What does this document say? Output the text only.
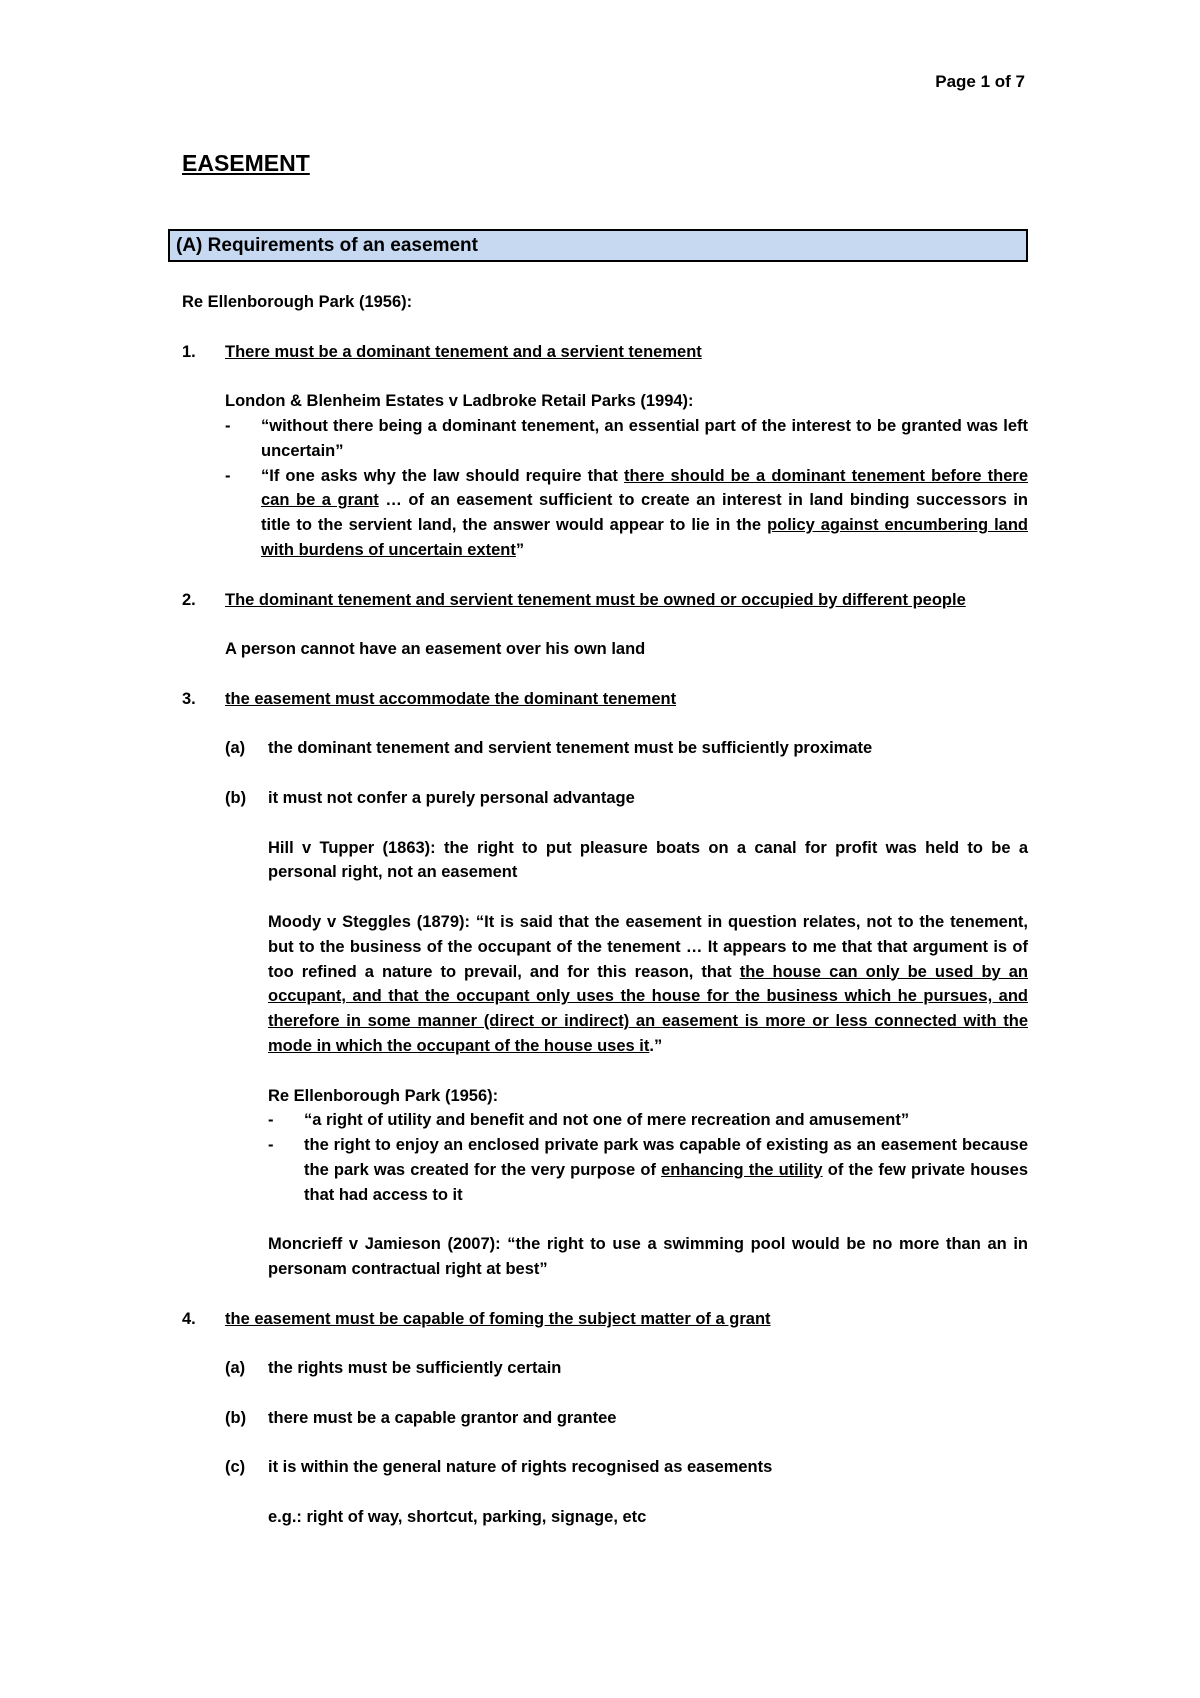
Page 1 of 7
EASEMENT
(A) Requirements of an easement

Re Ellenborough Park (1956):

1.	There must be a dominant tenement and a servient tenement

London & Blenheim Estates v Ladbroke Retail Parks (1994):

-	“without there being a dominant tenement, an essential part of the interest to be granted was left uncertain”
-	“If one asks why the law should require that there should be a dominant tenement before there can be a grant … of an easement sufficient to create an interest in land binding successors in title to the servient land, the answer would appear to lie in the policy against encumbering land with burdens of uncertain extent”
2.	The dominant tenement and servient tenement must be owned or occupied by different people

A person cannot have an easement over his own land

3.	the easement must accommodate the dominant tenement
(a)	the dominant tenement and servient tenement must be sufficiently proximate
(b)	it must not confer a purely personal advantage

Hill v Tupper (1863): the right to put pleasure boats on a canal for profit was held to be a personal right, not an easement

Moody v Steggles (1879): “It is said that the easement in question relates, not to the tenement, but to the business of the occupant of the tenement … It appears to me that that argument is of too refined a nature to prevail, and for this reason, that the house can only be used by an occupant, and that the occupant only uses the house for the business which he pursues, and therefore in some manner (direct or indirect) an easement is more or less connected with the mode in which the occupant of the house uses it.”

Re Ellenborough Park (1956):

-	“a right of utility and benefit and not one of mere recreation and amusement”
-	the right to enjoy an enclosed private park was capable of existing as an easement because the park was created for the very purpose of enhancing the utility of the few private houses that had access to it

Moncrieff v Jamieson (2007): “the right to use a swimming pool would be no more than an in personam contractual right at best”

4.	the easement must be capable of foming the subject matter of a grant
(a)	the rights must be sufficiently certain
(b)	there must be a capable grantor and grantee
(c)	it is within the general nature of rights recognised as easements

e.g.: right of way, shortcut, parking, signage, etc
